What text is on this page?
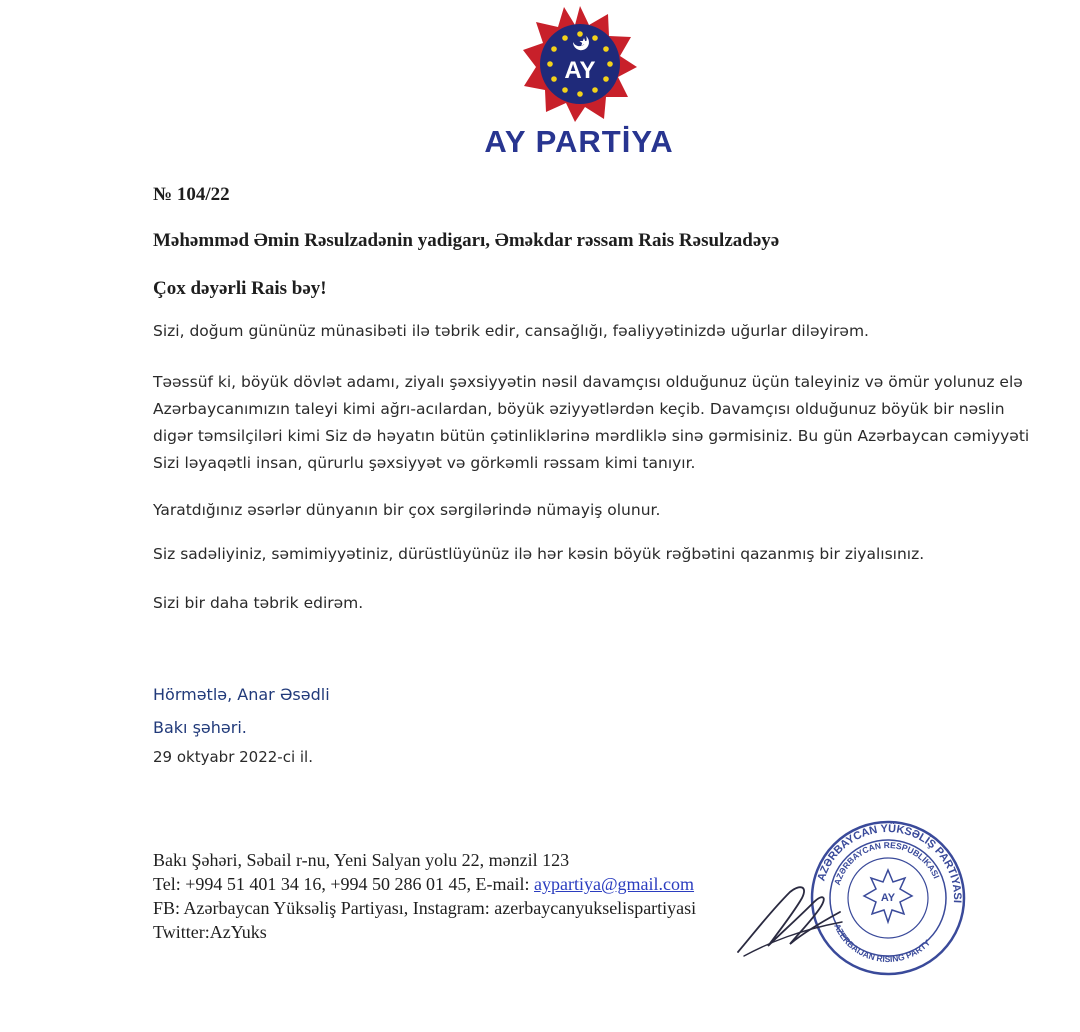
AY
AY PARTİYA
№ 104/22
Məhəmməd Əmin Rəsulzadənin yadigarı, Əməkdar rəssam Rais Rəsulzadəyə
Çox dəyərli Rais bəy!

Sizi, doğum gününüz münasibəti ilə təbrik edir, cansağlığı, fəaliyyətinizdə uğurlar diləyirəm.

Təəssüf ki, böyük dövlət adamı, ziyalı şəxsiyyətin nəsil davamçısı olduğunuz üçün taleyiniz və ömür yolunuz elə Azərbaycanımızın taleyi kimi ağrı-acılardan, böyük əziyyətlərdən keçib. Davamçısı olduğunuz böyük bir nəslin digər təmsilçiləri kimi Siz də həyatın bütün çətinliklərinə mərdliklə sinə gərmisiniz. Bu gün Azərbaycan cəmiyyəti Sizi ləyaqətli insan, qürurlu şəxsiyyət və görkəmli rəssam kimi tanıyır.

Yaratdığınız əsərlər dünyanın bir çox sərgilərində nümayiş olunur.

Siz sadəliyiniz, səmimiyyətiniz, dürüstlüyünüz ilə hər kəsin böyük rəğbətini qazanmış bir ziyalısınız.

Sizi bir daha təbrik edirəm.

Hörmətlə, Anar Əsədli
Bakı şəhəri.
29 oktyabr 2022-ci il.
Bakı Şəhəri, Səbail r-nu, Yeni Salyan yolu 22, mənzil 123
Tel: +994 51 401 34 16, +994 50 286 01 45, E-mail: aypartiya@gmail.com
FB: Azərbaycan Yüksəliş Partiyası, Instagram: azerbaycanyukselispartiyasi
Twitter:AzYuks
AZƏRBAYCAN YÜKSƏLİŞ PARTİYASI
AZƏRBAYCAN RESPUBLİKASI
AZERBAIJAN RISING PARTY
AY
